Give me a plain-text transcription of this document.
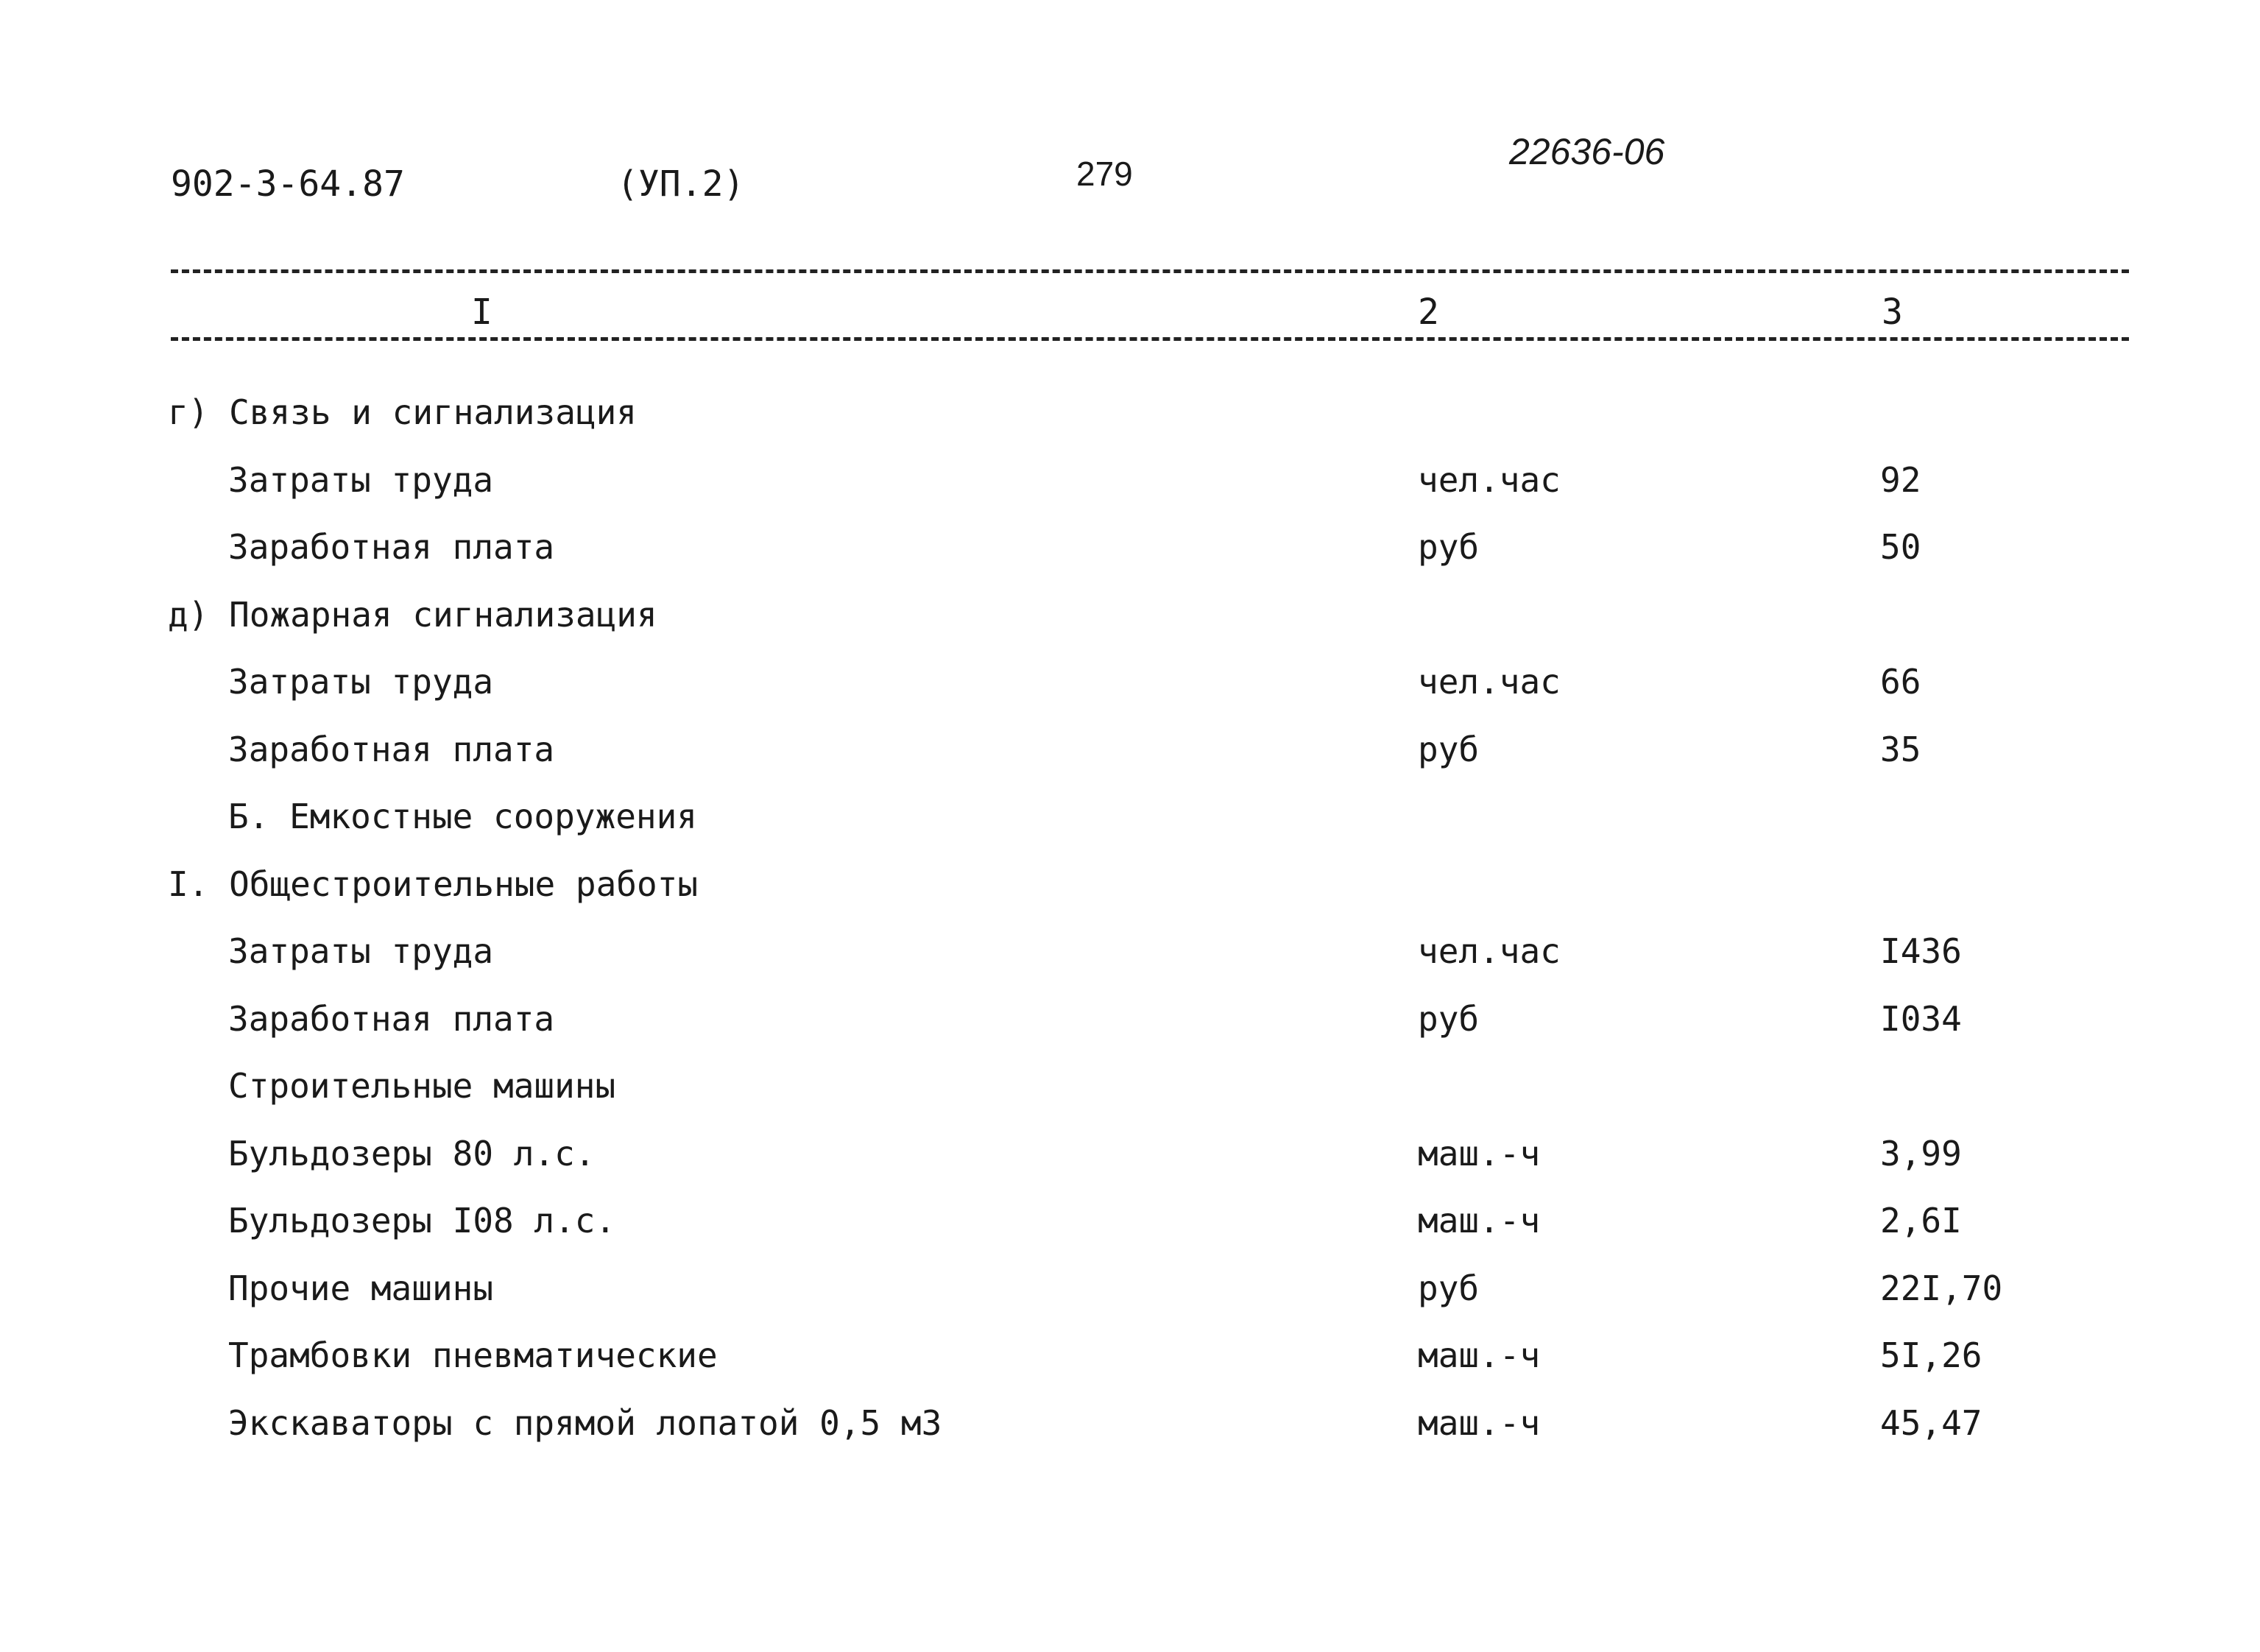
902-3-64.87	(УП.2)	279
22636-06
I	2	3
г) Связь и сигнализация
Затраты труда	чел.час	92
Заработная плата	руб	50
д) Пожарная сигнализация
Затраты труда	чел.час	66
Заработная плата	руб	35
Б. Емкостные сооружения
I. Общестроительные работы
Затраты труда	чел.час	I436
Заработная плата	руб	I034
Строительные машины
Бульдозеры 80 л.с.	маш.-ч	3,99
Бульдозеры I08 л.с.	маш.-ч	2,6I
Прочие машины	руб	22I,70
Трамбовки пневматические	маш.-ч	5I,26
Экскаваторы с прямой лопатой 0,5 м3	маш.-ч	45,47
